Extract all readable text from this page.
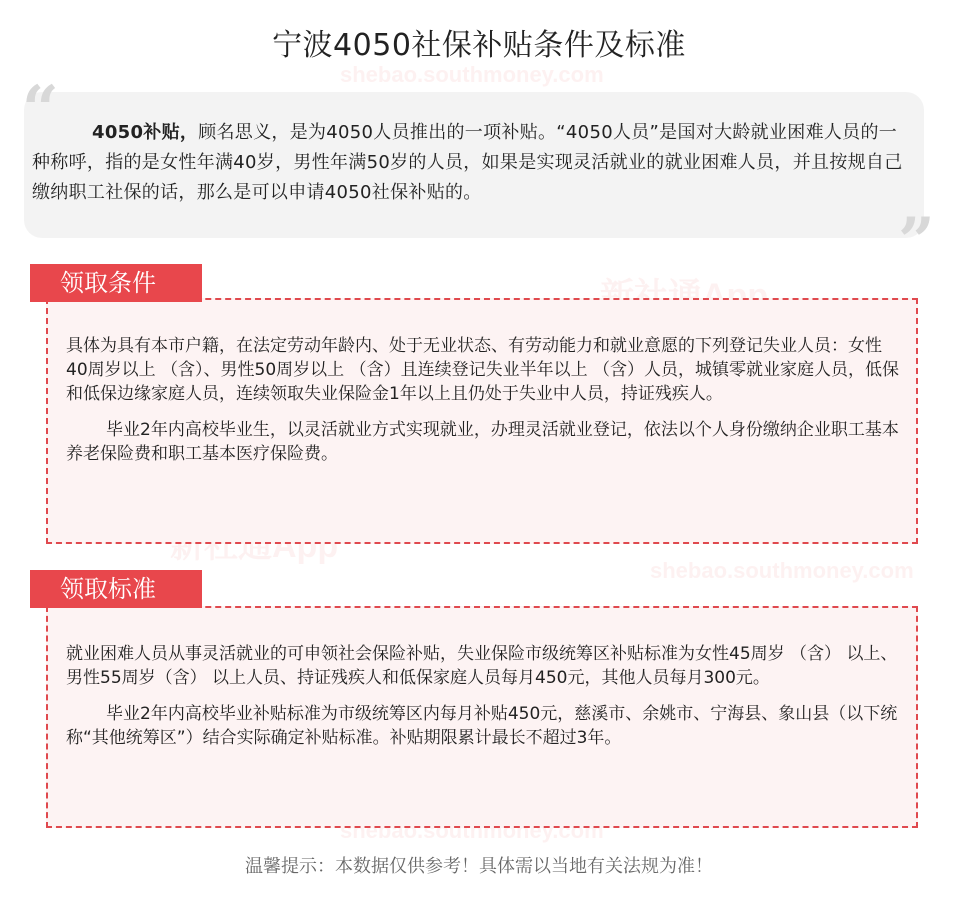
新社通App
新社通App
shebao.southmoney.com
shebao.southmoney.com
shebao.southmoney.com
宁波4050社保补贴条件及标准
“
”
4050补贴，顾名思义，是为4050人员推出的一项补贴。“4050人员”是国对大龄就业困难人员的一种称呼，指的是女性年满40岁，男性年满50岁的人员，如果是实现灵活就业的就业困难人员，并且按规自己缴纳职工社保的话，那么是可以申请4050社保补贴的。
领取条件

具体为具有本市户籍，在法定劳动年龄内、处于无业状态、有劳动能力和就业意愿的下列登记失业人员：女性40周岁以上 （含）、男性50周岁以上 （含）且连续登记失业半年以上 （含）人员，城镇零就业家庭人员，低保和低保边缘家庭人员，连续领取失业保险金1年以上且仍处于失业中人员，持证残疾人。

毕业2年内高校毕业生，以灵活就业方式实现就业，办理灵活就业登记，依法以个人身份缴纳企业职工基本养老保险费和职工基本医疗保险费。

领取标准

就业困难人员从事灵活就业的可申领社会保险补贴，失业保险市级统筹区补贴标准为女性45周岁 （含） 以上、男性55周岁（含） 以上人员、持证残疾人和低保家庭人员每月450元，其他人员每月300元。

毕业2年内高校毕业补贴标准为市级统筹区内每月补贴450元，慈溪市、余姚市、宁海县、象山县（以下统称“其他统筹区”）结合实际确定补贴标准。补贴期限累计最长不超过3年。

温馨提示：本数据仅供参考！具体需以当地有关法规为准！
